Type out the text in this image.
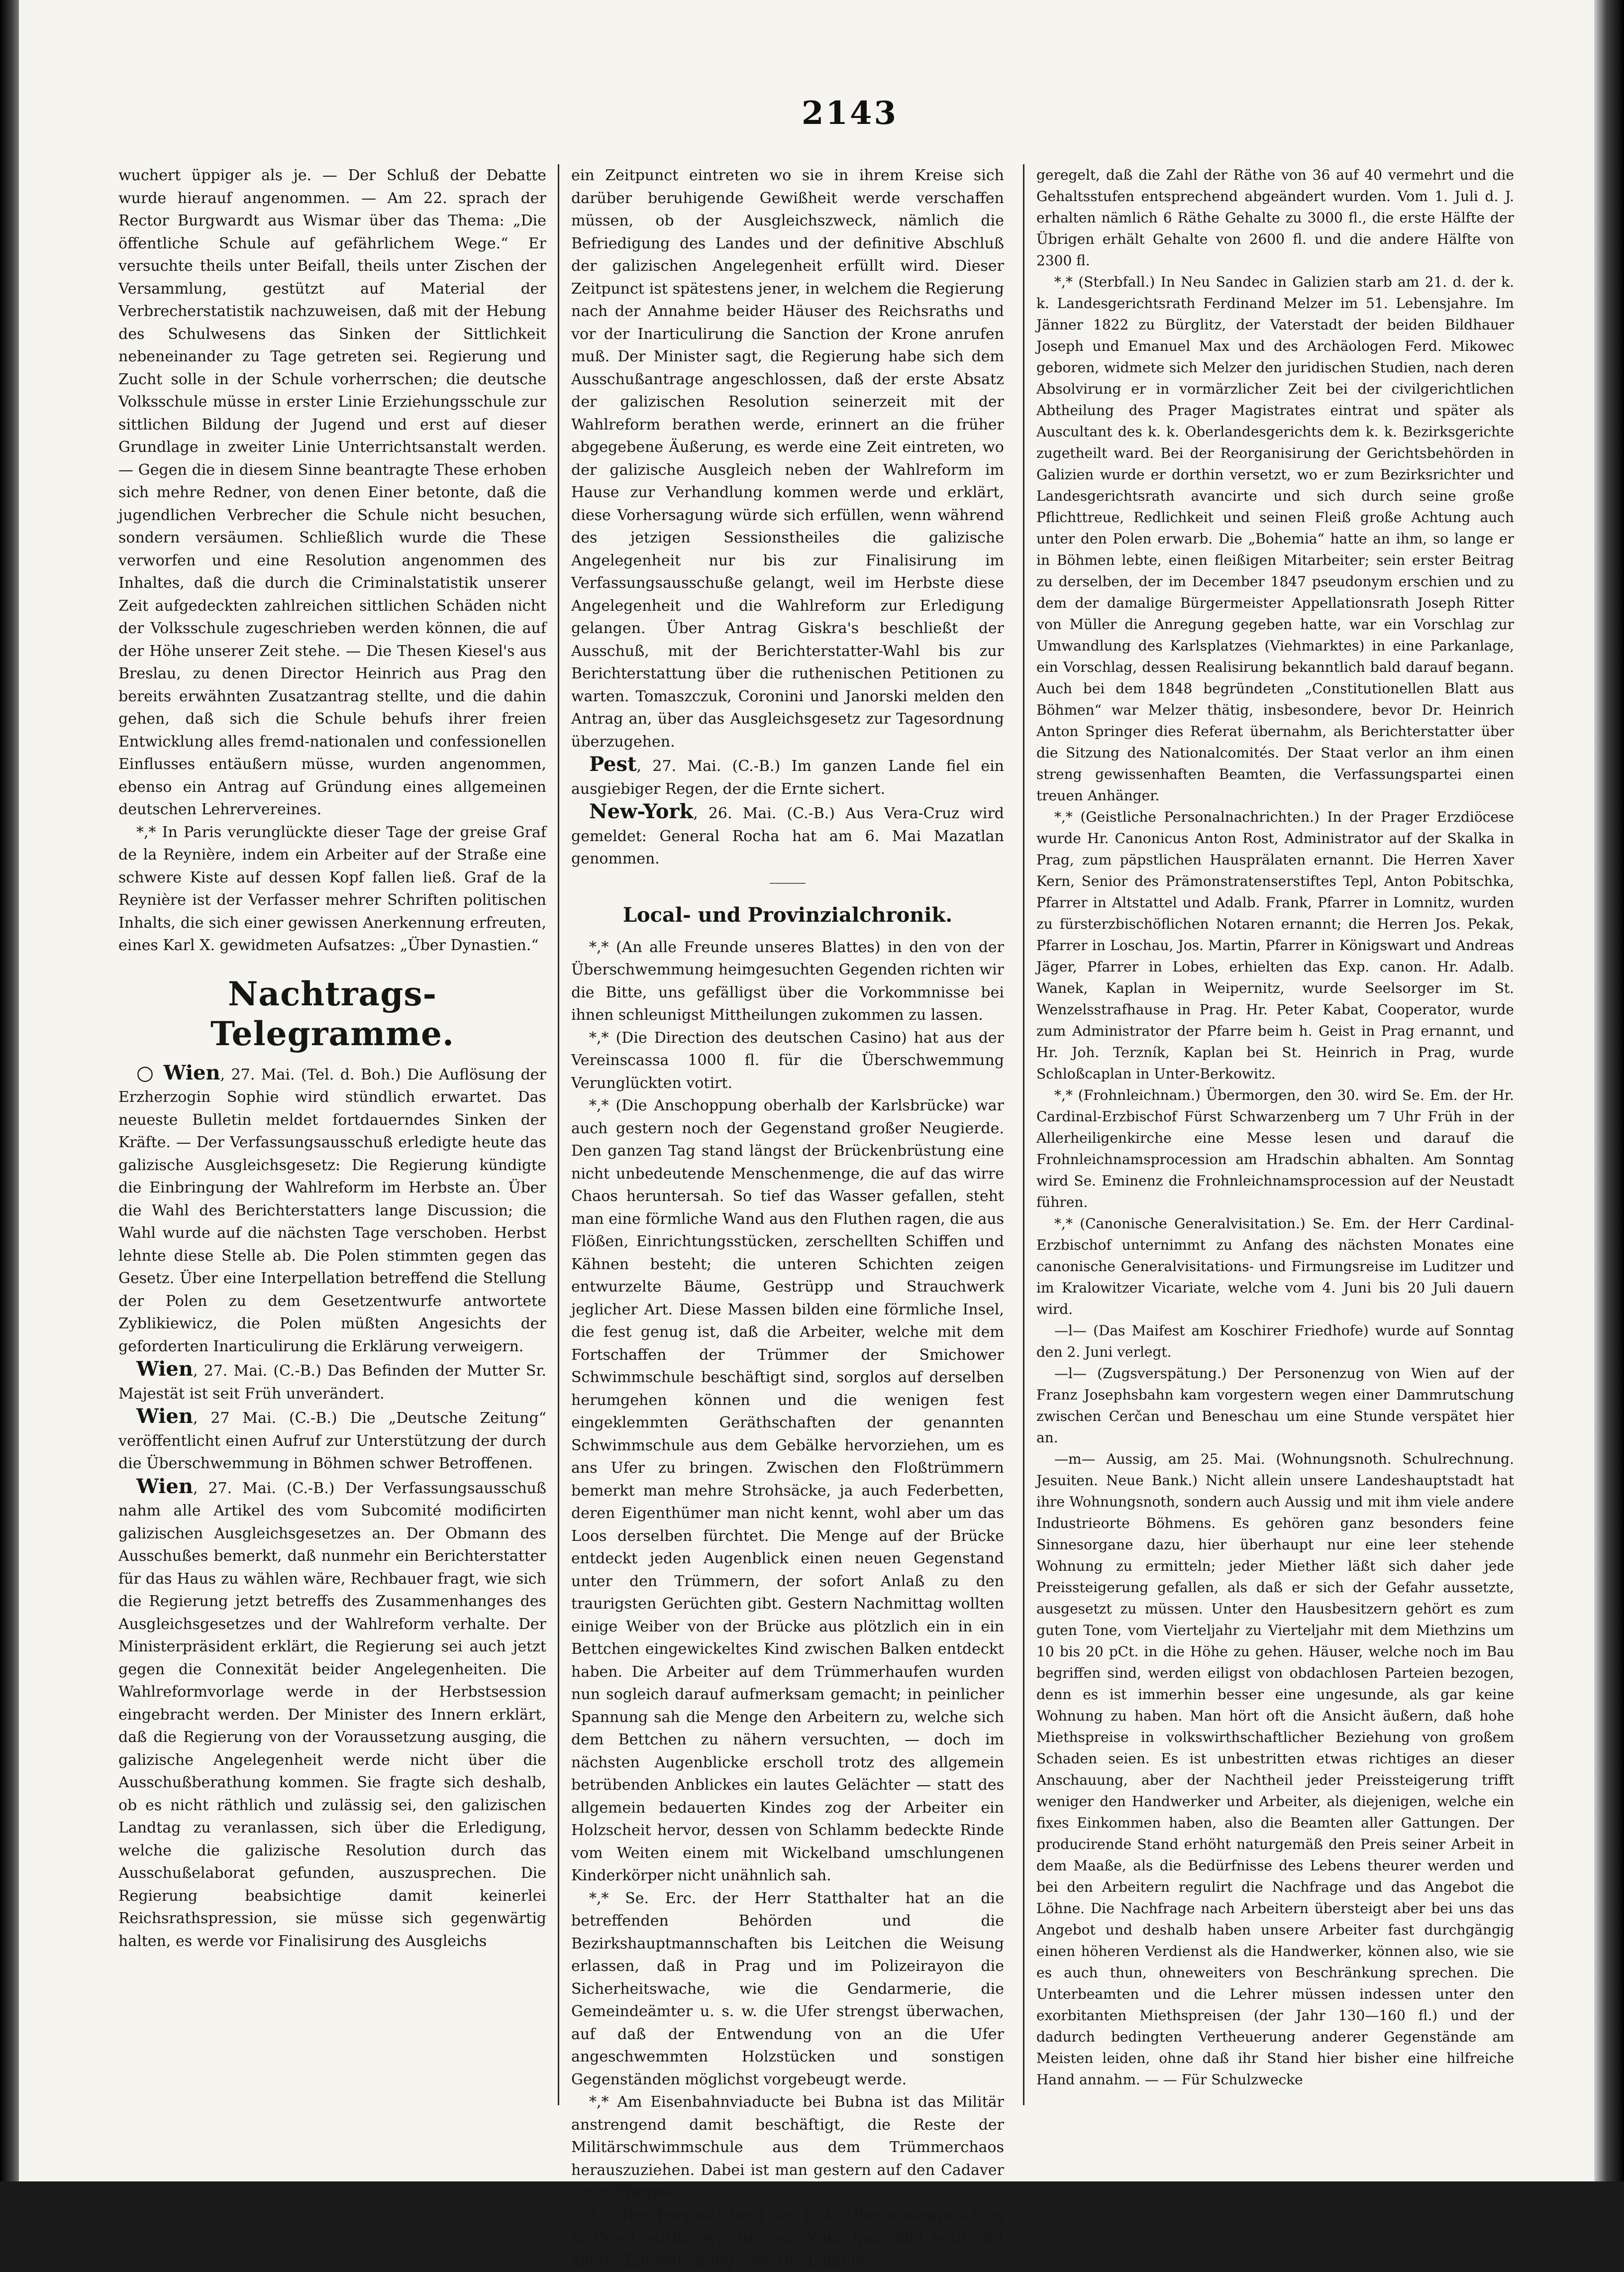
2143

wuchert üppiger als je. — Der Schluß der Debatte wurde hierauf angenommen. — Am 22. sprach der Rector Burgwardt aus Wismar über das Thema: „Die öffentliche Schule auf gefährlichem Wege.“ Er versuchte theils unter Beifall, theils unter Zischen der Versammlung, gestützt auf Material der Verbrecherstatistik nachzuweisen, daß mit der Hebung des Schulwesens das Sinken der Sittlichkeit nebeneinander zu Tage getreten sei. Regierung und Zucht solle in der Schule vorherrschen; die deutsche Volksschule müsse in erster Linie Erziehungsschule zur sittlichen Bildung der Jugend und erst auf dieser Grundlage in zweiter Linie Unterrichtsanstalt werden. — Gegen die in diesem Sinne beantragte These erhoben sich mehre Redner, von denen Einer betonte, daß die jugendlichen Verbrecher die Schule nicht besuchen, sondern versäumen. Schließlich wurde die These verworfen und eine Resolution angenommen des Inhaltes, daß die durch die Criminalstatistik unserer Zeit aufgedeckten zahlreichen sittlichen Schäden nicht der Volksschule zugeschrieben werden können, die auf der Höhe unserer Zeit stehe. — Die Thesen Kiesel's aus Breslau, zu denen Director Heinrich aus Prag den bereits erwähnten Zusatzantrag stellte, und die dahin gehen, daß sich die Schule behufs ihrer freien Entwicklung alles fremd-nationalen und confessionellen Einflusses entäußern müsse, wurden angenommen, ebenso ein Antrag auf Gründung eines allgemeinen deutschen Lehrervereines.

*,* In Paris verunglückte dieser Tage der greise Graf de la Reynière, indem ein Arbeiter auf der Straße eine schwere Kiste auf dessen Kopf fallen ließ. Graf de la Reynière ist der Verfasser mehrer Schriften politischen Inhalts, die sich einer gewissen Anerkennung erfreuten, eines Karl X. gewidmeten Aufsatzes: „Über Dynastien.“

Nachtrags-Telegramme.

○ Wien, 27. Mai. (Tel. d. Boh.) Die Auflösung der Erzherzogin Sophie wird stündlich erwartet. Das neueste Bulletin meldet fortdauerndes Sinken der Kräfte. — Der Verfassungsausschuß erledigte heute das galizische Ausgleichsgesetz: Die Regierung kündigte die Einbringung der Wahlreform im Herbste an. Über die Wahl des Berichterstatters lange Discussion; die Wahl wurde auf die nächsten Tage verschoben. Herbst lehnte diese Stelle ab. Die Polen stimmten gegen das Gesetz. Über eine Interpellation betreffend die Stellung der Polen zu dem Gesetzentwurfe antwortete Zyblikiewicz, die Polen müßten Angesichts der geforderten Inarticulirung die Erklärung verweigern.

Wien, 27. Mai. (C.-B.) Das Befinden der Mutter Sr. Majestät ist seit Früh unverändert.

Wien, 27 Mai. (C.-B.) Die „Deutsche Zeitung“ veröffentlicht einen Aufruf zur Unterstützung der durch die Überschwemmung in Böhmen schwer Betroffenen.

Wien, 27. Mai. (C.-B.) Der Verfassungsausschuß nahm alle Artikel des vom Subcomité modificirten galizischen Ausgleichsgesetzes an. Der Obmann des Ausschußes bemerkt, daß nunmehr ein Berichterstatter für das Haus zu wählen wäre, Rechbauer fragt, wie sich die Regierung jetzt betreffs des Zusammenhanges des Ausgleichsgesetzes und der Wahlreform verhalte. Der Ministerpräsident erklärt, die Regierung sei auch jetzt gegen die Connexität beider Angelegenheiten. Die Wahlreformvorlage werde in der Herbstsession eingebracht werden. Der Minister des Innern erklärt, daß die Regierung von der Voraussetzung ausging, die galizische Angelegenheit werde nicht über die Ausschußberathung kommen. Sie fragte sich deshalb, ob es nicht räthlich und zulässig sei, den galizischen Landtag zu veranlassen, sich über die Erledigung, welche die galizische Resolution durch das Ausschußelaborat gefunden, auszusprechen. Die Regierung beabsichtige damit keinerlei Reichsrathspression, sie müsse sich gegenwärtig halten, es werde vor Finalisirung des Ausgleichs

ein Zeitpunct eintreten wo sie in ihrem Kreise sich darüber beruhigende Gewißheit werde verschaffen müssen, ob der Ausgleichszweck, nämlich die Befriedigung des Landes und der definitive Abschluß der galizischen Angelegenheit erfüllt wird. Dieser Zeitpunct ist spätestens jener, in welchem die Regierung nach der Annahme beider Häuser des Reichsraths und vor der Inarticulirung die Sanction der Krone anrufen muß. Der Minister sagt, die Regierung habe sich dem Ausschußantrage angeschlossen, daß der erste Absatz der galizischen Resolution seinerzeit mit der Wahlreform berathen werde, erinnert an die früher abgegebene Äußerung, es werde eine Zeit eintreten, wo der galizische Ausgleich neben der Wahlreform im Hause zur Verhandlung kommen werde und erklärt, diese Vorhersagung würde sich erfüllen, wenn während des jetzigen Sessionstheiles die galizische Angelegenheit nur bis zur Finalisirung im Verfassungsausschuße gelangt, weil im Herbste diese Angelegenheit und die Wahlreform zur Erledigung gelangen. Über Antrag Giskra's beschließt der Ausschuß, mit der Berichterstatter-Wahl bis zur Berichterstattung über die ruthenischen Petitionen zu warten. Tomaszczuk, Coronini und Janorski melden den Antrag an, über das Ausgleichsgesetz zur Tagesordnung überzugehen.

Pest, 27. Mai. (C.-B.) Im ganzen Lande fiel ein ausgiebiger Regen, der die Ernte sichert.

New-York, 26. Mai. (C.-B.) Aus Vera-Cruz wird gemeldet: General Rocha hat am 6. Mai Mazatlan genommen.

⸻
Local- und Provinzialchronik.

*,* (An alle Freunde unseres Blattes) in den von der Überschwemmung heimgesuchten Gegenden richten wir die Bitte, uns gefälligst über die Vorkommnisse bei ihnen schleunigst Mittheilungen zukommen zu lassen.

*,* (Die Direction des deutschen Casino) hat aus der Vereinscassa 1000 fl. für die Überschwemmung Verunglückten votirt.

*,* (Die Anschoppung oberhalb der Karlsbrücke) war auch gestern noch der Gegenstand großer Neugierde. Den ganzen Tag stand längst der Brückenbrüstung eine nicht unbedeutende Menschenmenge, die auf das wirre Chaos heruntersah. So tief das Wasser gefallen, steht man eine förmliche Wand aus den Fluthen ragen, die aus Flößen, Einrichtungsstücken, zerschellten Schiffen und Kähnen besteht; die unteren Schichten zeigen entwurzelte Bäume, Gestrüpp und Strauchwerk jeglicher Art. Diese Massen bilden eine förmliche Insel, die fest genug ist, daß die Arbeiter, welche mit dem Fortschaffen der Trümmer der Smichower Schwimmschule beschäftigt sind, sorglos auf derselben herumgehen können und die wenigen fest eingeklemmten Geräthschaften der genannten Schwimmschule aus dem Gebälke hervorziehen, um es ans Ufer zu bringen. Zwischen den Floßtrümmern bemerkt man mehre Strohsäcke, ja auch Federbetten, deren Eigenthümer man nicht kennt, wohl aber um das Loos derselben fürchtet. Die Menge auf der Brücke entdeckt jeden Augenblick einen neuen Gegenstand unter den Trümmern, der sofort Anlaß zu den traurigsten Gerüchten gibt. Gestern Nachmittag wollten einige Weiber von der Brücke aus plötzlich ein in ein Bettchen eingewickeltes Kind zwischen Balken entdeckt haben. Die Arbeiter auf dem Trümmerhaufen wurden nun sogleich darauf aufmerksam gemacht; in peinlicher Spannung sah die Menge den Arbeitern zu, welche sich dem Bettchen zu nähern versuchten, — doch im nächsten Augenblicke erscholl trotz des allgemein betrübenden Anblickes ein lautes Gelächter — statt des allgemein bedauerten Kindes zog der Arbeiter ein Holzscheit hervor, dessen von Schlamm bedeckte Rinde vom Weiten einem mit Wickelband umschlungenen Kinderkörper nicht unähnlich sah.

*,* Se. Erc. der Herr Statthalter hat an die betreffenden Behörden und die Bezirkshauptmannschaften bis Leitchen die Weisung erlassen, daß in Prag und im Polizeirayon die Sicherheitswache, wie die Gendarmerie, die Gemeindeämter u. s. w. die Ufer strengst überwachen, auf daß der Entwendung von an die Ufer angeschwemmten Holzstücken und sonstigen Gegenständen möglichst vorgebeugt werde.

*,* Am Eisenbahnviaducte bei Bubna ist das Militär anstrengend damit beschäftigt, die Reste der Militärschwimmschule aus dem Trümmerchaos herauszuziehen. Dabei ist man gestern auf den Cadaver eines Pferdes.

*,* (Der Personalstand des k. k. Oberlandesgerichtes in Prag) wurde, wie uns aus Wien gemeldet wird, mit allerh. Entschließung vom 18. d. dahin

geregelt, daß die Zahl der Räthe von 36 auf 40 vermehrt und die Gehaltsstufen entsprechend abgeändert wurden. Vom 1. Juli d. J. erhalten nämlich 6 Räthe Gehalte zu 3000 fl., die erste Hälfte der Übrigen erhält Gehalte von 2600 fl. und die andere Hälfte von 2300 fl.

*,* (Sterbfall.) In Neu Sandec in Galizien starb am 21. d. der k. k. Landesgerichtsrath Ferdinand Melzer im 51. Lebensjahre. Im Jänner 1822 zu Bürglitz, der Vaterstadt der beiden Bildhauer Joseph und Emanuel Max und des Archäologen Ferd. Mikowec geboren, widmete sich Melzer den juridischen Studien, nach deren Absolvirung er in vormärzlicher Zeit bei der civilgerichtlichen Abtheilung des Prager Magistrates eintrat und später als Auscultant des k. k. Oberlandesgerichts dem k. k. Bezirksgerichte zugetheilt ward. Bei der Reorganisirung der Gerichtsbehörden in Galizien wurde er dorthin versetzt, wo er zum Bezirksrichter und Landesgerichtsrath avancirte und sich durch seine große Pflichttreue, Redlichkeit und seinen Fleiß große Achtung auch unter den Polen erwarb. Die „Bohemia“ hatte an ihm, so lange er in Böhmen lebte, einen fleißigen Mitarbeiter; sein erster Beitrag zu derselben, der im December 1847 pseudonym erschien und zu dem der damalige Bürgermeister Appellationsrath Joseph Ritter von Müller die Anregung gegeben hatte, war ein Vorschlag zur Umwandlung des Karlsplatzes (Viehmarktes) in eine Parkanlage, ein Vorschlag, dessen Realisirung bekanntlich bald darauf begann. Auch bei dem 1848 begründeten „Constitutionellen Blatt aus Böhmen“ war Melzer thätig, insbesondere, bevor Dr. Heinrich Anton Springer dies Referat übernahm, als Berichterstatter über die Sitzung des Nationalcomités. Der Staat verlor an ihm einen streng gewissenhaften Beamten, die Verfassungspartei einen treuen Anhänger.

*,* (Geistliche Personalnachrichten.) In der Prager Erzdiöcese wurde Hr. Canonicus Anton Rost, Administrator auf der Skalka in Prag, zum päpstlichen Hausprälaten ernannt. Die Herren Xaver Kern, Senior des Prämonstratenserstiftes Tepl, Anton Pobitschka, Pfarrer in Altstattel und Adalb. Frank, Pfarrer in Lomnitz, wurden zu fürsterzbischöflichen Notaren ernannt; die Herren Jos. Pekak, Pfarrer in Loschau, Jos. Martin, Pfarrer in Königswart und Andreas Jäger, Pfarrer in Lobes, erhielten das Exp. canon. Hr. Adalb. Wanek, Kaplan in Weipernitz, wurde Seelsorger im St. Wenzelsstrafhause in Prag. Hr. Peter Kabat, Cooperator, wurde zum Administrator der Pfarre beim h. Geist in Prag ernannt, und Hr. Joh. Terzník, Kaplan bei St. Heinrich in Prag, wurde Schloßcaplan in Unter-Berkowitz.

*,* (Frohnleichnam.) Übermorgen, den 30. wird Se. Em. der Hr. Cardinal-Erzbischof Fürst Schwarzenberg um 7 Uhr Früh in der Allerheiligenkirche eine Messe lesen und darauf die Frohnleichnamsprocession am Hradschin abhalten. Am Sonntag wird Se. Eminenz die Frohnleichnamsprocession auf der Neustadt führen.

*,* (Canonische Generalvisitation.) Se. Em. der Herr Cardinal-Erzbischof unternimmt zu Anfang des nächsten Monates eine canonische Generalvisitations- und Firmungsreise im Luditzer und im Kralowitzer Vicariate, welche vom 4. Juni bis 20 Juli dauern wird.

—l— (Das Maifest am Koschirer Friedhofe) wurde auf Sonntag den 2. Juni verlegt.

—l— (Zugsverspätung.) Der Personenzug von Wien auf der Franz Josephsbahn kam vorgestern wegen einer Dammrutschung zwischen Cerčan und Beneschau um eine Stunde verspätet hier an.

—m— Aussig, am 25. Mai. (Wohnungsnoth. Schulrechnung. Jesuiten. Neue Bank.) Nicht allein unsere Landeshauptstadt hat ihre Wohnungsnoth, sondern auch Aussig und mit ihm viele andere Industrieorte Böhmens. Es gehören ganz besonders feine Sinnesorgane dazu, hier überhaupt nur eine leer stehende Wohnung zu ermitteln; jeder Miether läßt sich daher jede Preissteigerung gefallen, als daß er sich der Gefahr aussetzte, ausgesetzt zu müssen. Unter den Hausbesitzern gehört es zum guten Tone, vom Vierteljahr zu Vierteljahr mit dem Miethzins um 10 bis 20 pCt. in die Höhe zu gehen. Häuser, welche noch im Bau begriffen sind, werden eiligst von obdachlosen Parteien bezogen, denn es ist immerhin besser eine ungesunde, als gar keine Wohnung zu haben. Man hört oft die Ansicht äußern, daß hohe Miethspreise in volkswirthschaftlicher Beziehung von großem Schaden seien. Es ist unbestritten etwas richtiges an dieser Anschauung, aber der Nachtheil jeder Preissteigerung trifft weniger den Handwerker und Arbeiter, als diejenigen, welche ein fixes Einkommen haben, also die Beamten aller Gattungen. Der producirende Stand erhöht naturgemäß den Preis seiner Arbeit in dem Maaße, als die Bedürfnisse des Lebens theurer werden und bei den Arbeitern regulirt die Nachfrage und das Angebot die Löhne. Die Nachfrage nach Arbeitern übersteigt aber bei uns das Angebot und deshalb haben unsere Arbeiter fast durchgängig einen höheren Verdienst als die Handwerker, können also, wie sie es auch thun, ohneweiters von Beschränkung sprechen. Die Unterbeamten und die Lehrer müssen indessen unter den exorbitanten Miethspreisen (der Jahr 130—160 fl.) und der dadurch bedingten Vertheuerung anderer Gegenstände am Meisten leiden, ohne daß ihr Stand hier bisher eine hilfreiche Hand annahm. — — Für Schulzwecke
